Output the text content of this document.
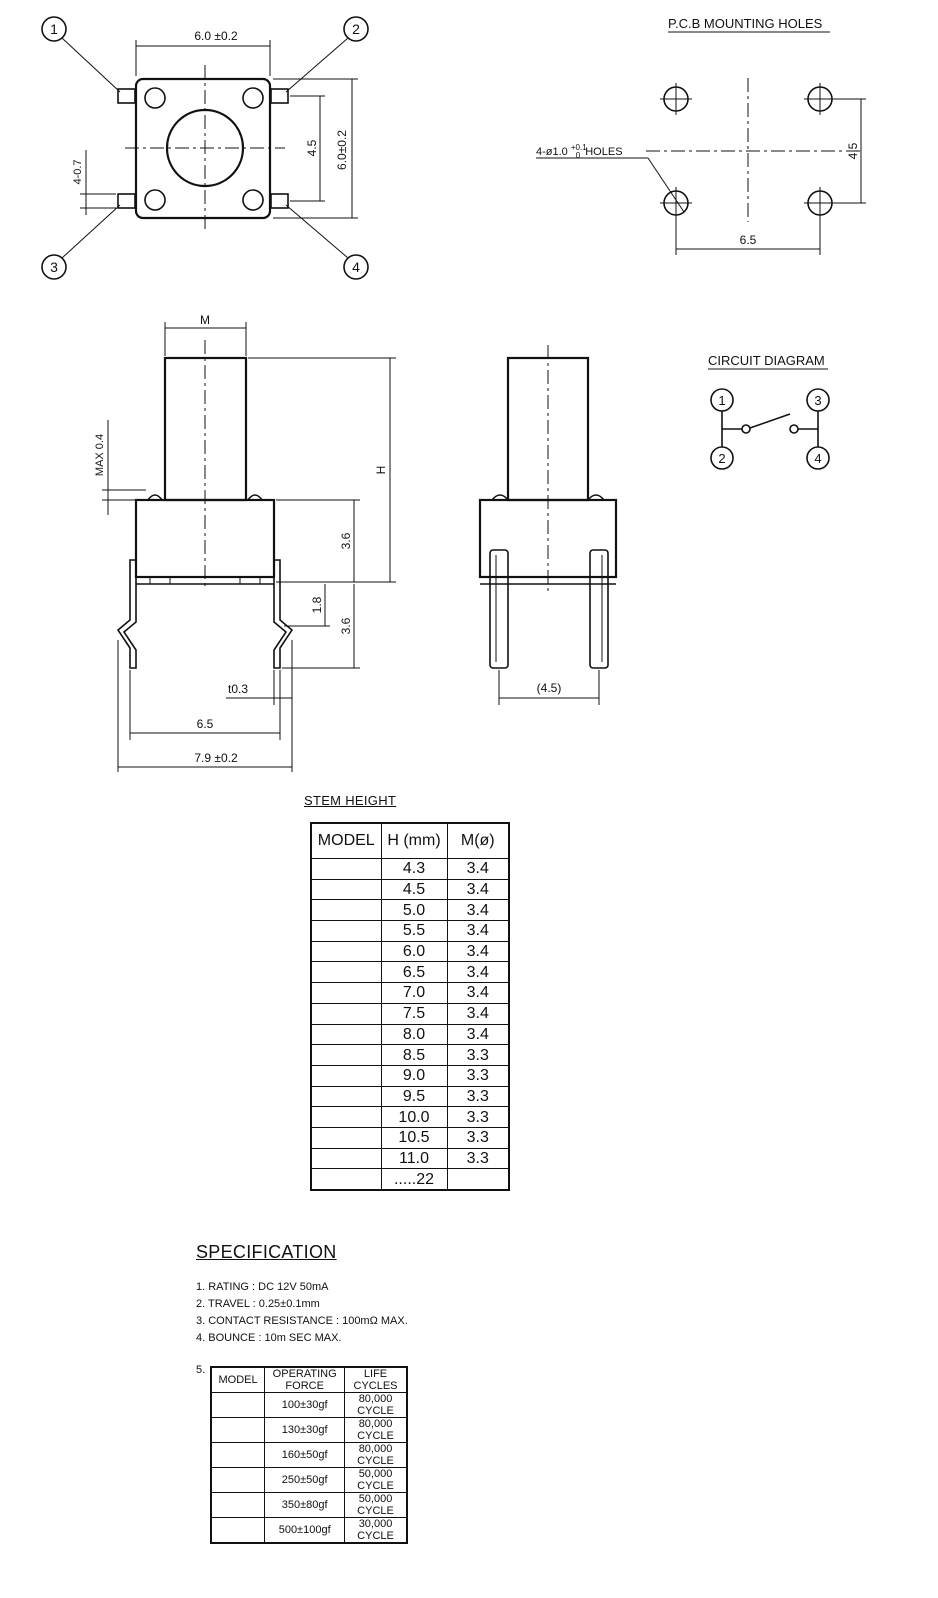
1	2
3	4
6.0 ±0.2
6.0±0.2
4.5
4-0.7
P.C.B MOUNTING HOLES
4-ø1.0 $^{+0.1}$ 0 HOLES	4.5
6.5
M
H
MAX 0.4
3.6
3.6
1.8
t0.3
6.5
7.9 ±0.2
(4.5)
CIRCUIT DIAGRAM
1	3
2	4
STEM HEIGHT
MODEL	H (mm)	M(ø)
	4.3	3.4
	4.5	3.4
	5.0	3.4
	5.5	3.4
	6.0	3.4
	6.5	3.4
	7.0	3.4
	7.5	3.4
	8.0	3.4
	8.5	3.3
	9.0	3.3
	9.5	3.3
	10.0	3.3
	10.5	3.3
	11.0	3.3
	.....22	
SPECIFICATION
1. RATING : DC 12V 50mA
2. TRAVEL : 0.25±0.1mm
3. CONTACT RESISTANCE : 100mΩ MAX.
4. BOUNCE : 10m SEC MAX.
5.
MODEL	OPERATING FORCE	LIFE CYCLES
	100±30gf	80,000 CYCLE
	130±30gf	80,000 CYCLE
	160±50gf	80,000 CYCLE
	250±50gf	50,000 CYCLE
	350±80gf	50,000 CYCLE
	500±100gf	30,000 CYCLE
